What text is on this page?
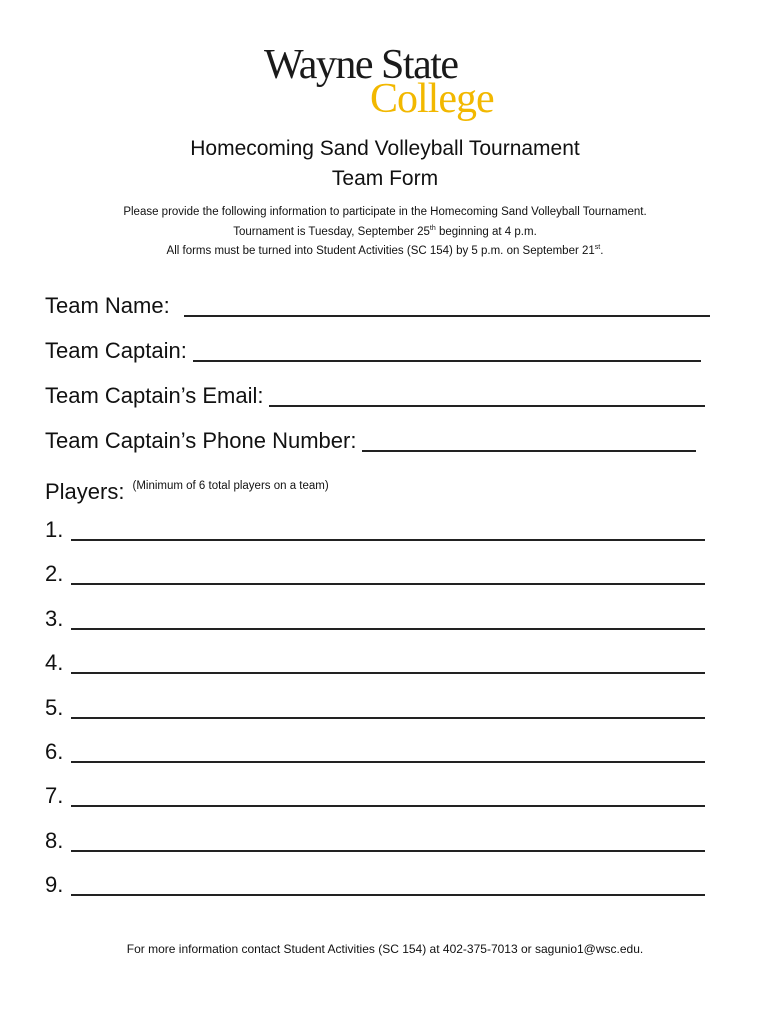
Wayne State
College
Homecoming Sand Volleyball Tournament
Team Form
Please provide the following information to participate in the Homecoming Sand Volleyball Tournament.
Tournament is Tuesday, September 25th beginning at 4 p.m.
All forms must be turned into Student Activities (SC 154) by 5 p.m. on September 21st.
Team Name:
Team Captain:
Team Captain’s Email:
Team Captain’s Phone Number:
Players: (Minimum of 6 total players on a team)
1.
2.
3.
4.
5.
6.
7.
8.
9.
For more information contact Student Activities (SC 154) at 402-375-7013 or sagunio1@wsc.edu.
